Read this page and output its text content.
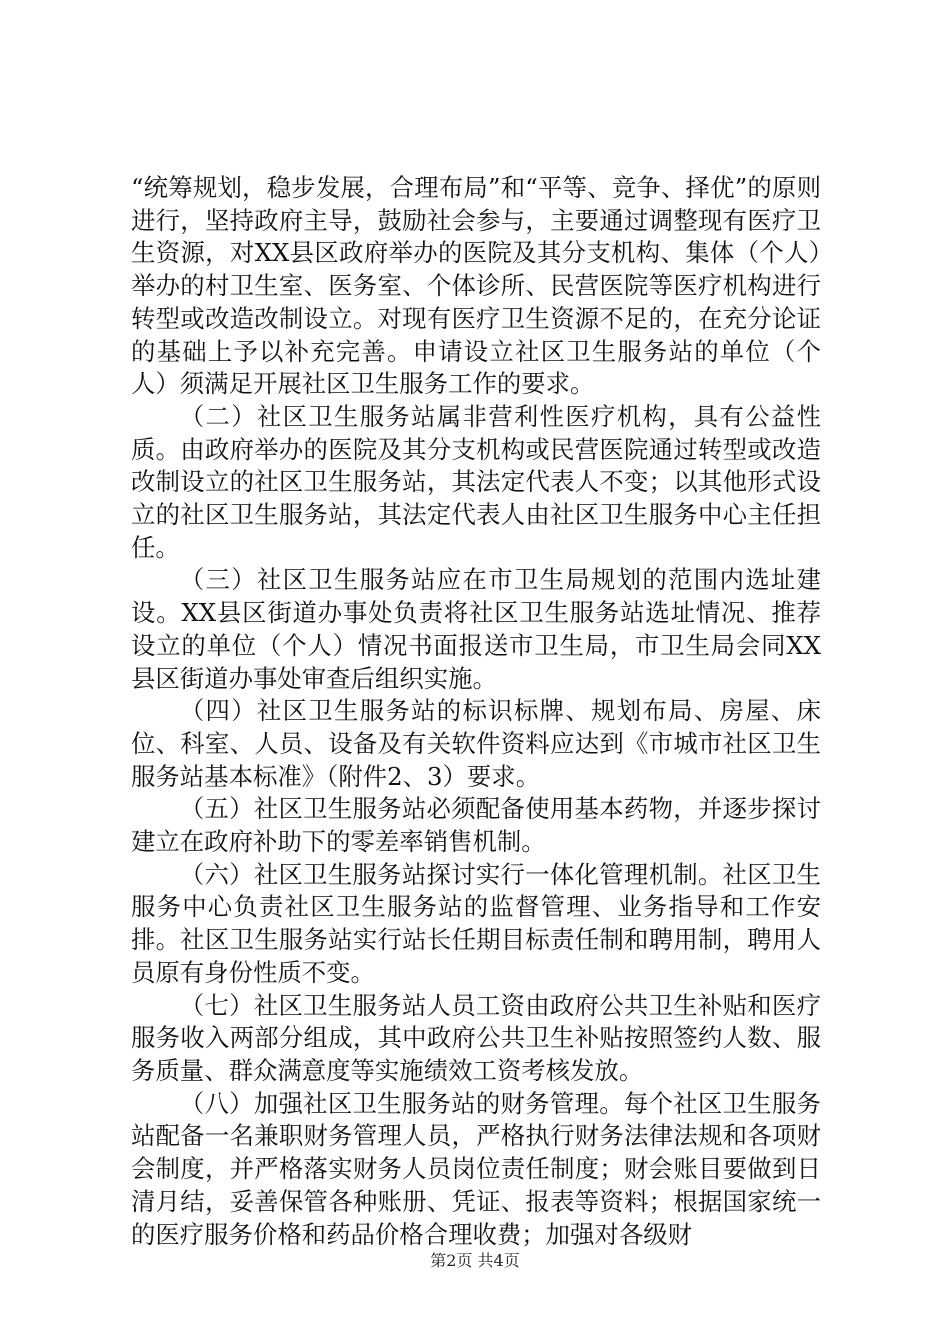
“统筹规划，稳步发展，合理布局”和“平等、竞争、择优”的原则进行，坚持政府主导，鼓励社会参与，主要通过调整现有医疗卫生资源，对XX县区政府举办的医院及其分支机构、集体（个人）举办的村卫生室、医务室、个体诊所、民营医院等医疗机构进行转型或改造改制设立。对现有医疗卫生资源不足的，在充分论证的基础上予以补充完善。申请设立社区卫生服务站的单位（个人）须满足开展社区卫生服务工作的要求。

（二）社区卫生服务站属非营利性医疗机构，具有公益性质。由政府举办的医院及其分支机构或民营医院通过转型或改造改制设立的社区卫生服务站，其法定代表人不变；以其他形式设立的社区卫生服务站，其法定代表人由社区卫生服务中心主任担任。

（三）社区卫生服务站应在市卫生局规划的范围内选址建设。XX县区街道办事处负责将社区卫生服务站选址情况、推荐设立的单位（个人）情况书面报送市卫生局，市卫生局会同XX县区街道办事处审查后组织实施。

（四）社区卫生服务站的标识标牌、规划布局、房屋、床位、科室、人员、设备及有关软件资料应达到《市城市社区卫生服务站基本标准》（附件2、3）要求。

（五）社区卫生服务站必须配备使用基本药物，并逐步探讨建立在政府补助下的零差率销售机制。

（六）社区卫生服务站探讨实行一体化管理机制。社区卫生服务中心负责社区卫生服务站的监督管理、业务指导和工作安排。社区卫生服务站实行站长任期目标责任制和聘用制，聘用人员原有身份性质不变。

（七）社区卫生服务站人员工资由政府公共卫生补贴和医疗服务收入两部分组成，其中政府公共卫生补贴按照签约人数、服务质量、群众满意度等实施绩效工资考核发放。

（八）加强社区卫生服务站的财务管理。每个社区卫生服务站配备一名兼职财务管理人员，严格执行财务法律法规和各项财会制度，并严格落实财务人员岗位责任制度；财会账目要做到日清月结，妥善保管各种账册、凭证、报表等资料；根据国家统一的医疗服务价格和药品价格合理收费；加强对各级财

第2页 共4页
